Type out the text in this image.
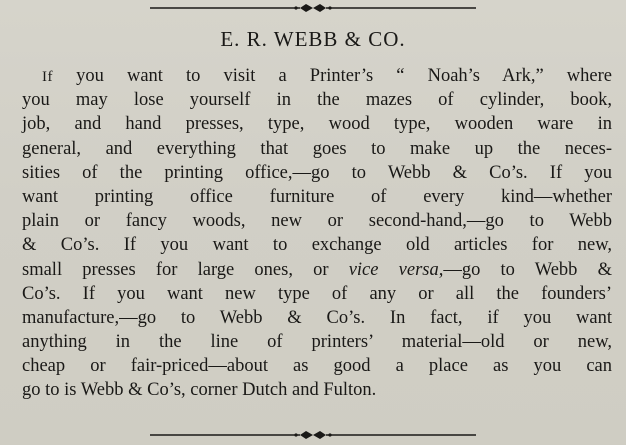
E. R. WEBB & CO.
If you want to visit a Printer’s “ Noah’s Ark,” where
you may lose yourself in the mazes of cylinder, book,
job, and hand presses, type, wood type, wooden ware in
general, and everything that goes to make up the neces-
sities of the printing office,—go to Webb & Co’s. If you
want printing office furniture of every kind—whether
plain or fancy woods, new or second-hand,—go to Webb
& Co’s. If you want to exchange old articles for new,
small presses for large ones, or vice versa,—go to Webb &
Co’s. If you want new type of any or all the founders’
manufacture,—go to Webb & Co’s. In fact, if you want
anything in the line of printers’ material—old or new,
cheap or fair-priced—about as good a place as you can
go to is Webb & Co’s, corner Dutch and Fulton.
